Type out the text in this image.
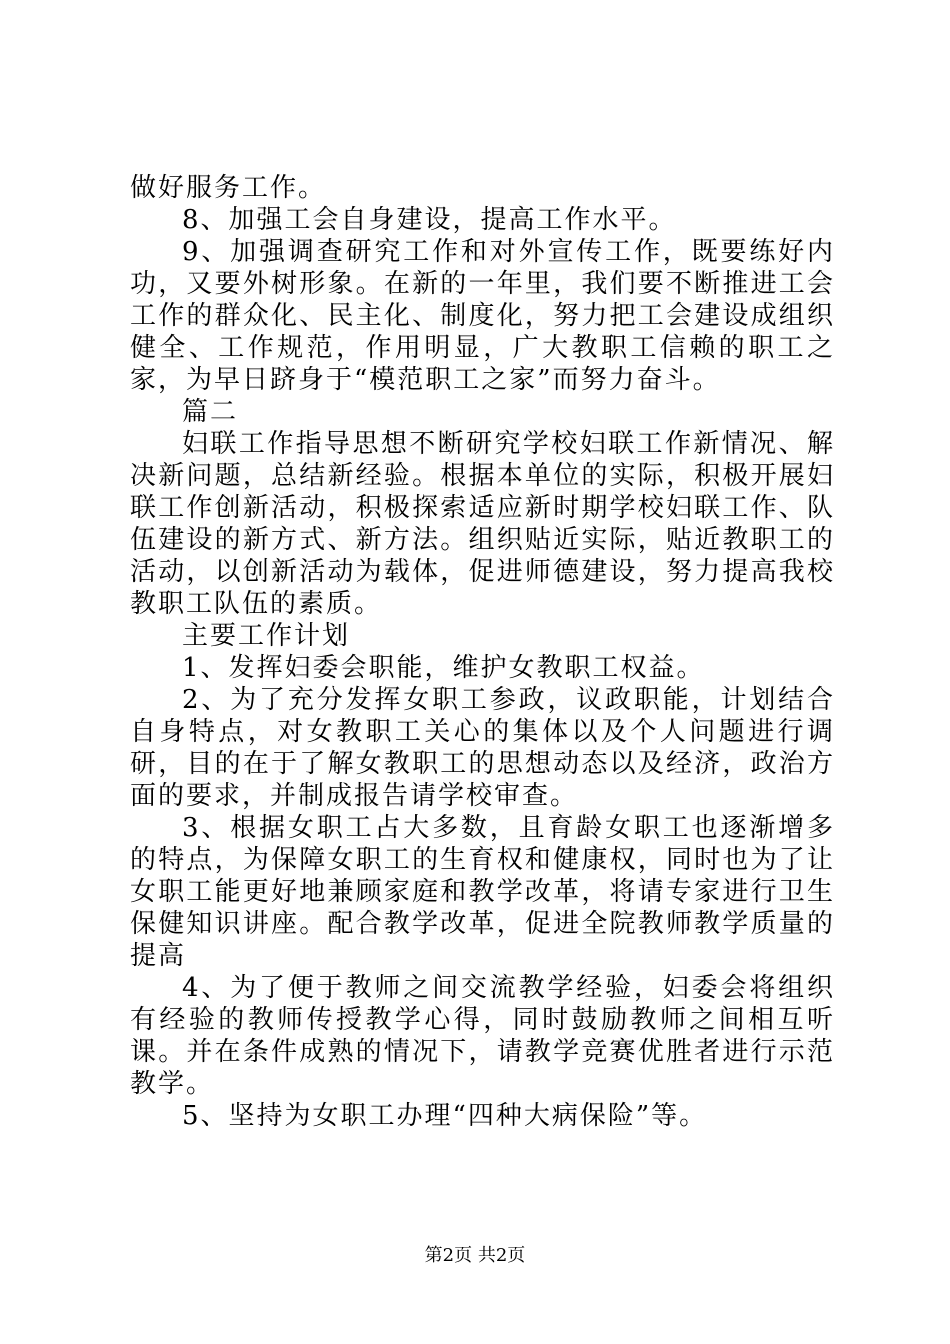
做好服务工作。

8、加强工会自身建设，提高工作水平。

9、加强调查研究工作和对外宣传工作，既要练好内功，又要外树形象。在新的一年里，我们要不断推进工会工作的群众化、民主化、制度化，努力把工会建设成组织健全、工作规范，作用明显，广大教职工信赖的职工之家，为早日跻身于“模范职工之家”而努力奋斗。

篇二

妇联工作指导思想不断研究学校妇联工作新情况、解决新问题，总结新经验。根据本单位的实际，积极开展妇联工作创新活动，积极探索适应新时期学校妇联工作、队伍建设的新方式、新方法。组织贴近实际，贴近教职工的活动，以创新活动为载体，促进师德建设，努力提高我校教职工队伍的素质。

主要工作计划

1、发挥妇委会职能，维护女教职工权益。

2、为了充分发挥女职工参政，议政职能，计划结合自身特点，对女教职工关心的集体以及个人问题进行调研，目的在于了解女教职工的思想动态以及经济，政治方面的要求，并制成报告请学校审查。

3、根据女职工占大多数，且育龄女职工也逐渐增多的特点，为保障女职工的生育权和健康权，同时也为了让女职工能更好地兼顾家庭和教学改革，将请专家进行卫生保健知识讲座。配合教学改革，促进全院教师教学质量的提高

4、为了便于教师之间交流教学经验，妇委会将组织有经验的教师传授教学心得，同时鼓励教师之间相互听课。并在条件成熟的情况下，请教学竞赛优胜者进行示范教学。

5、坚持为女职工办理“四种大病保险”等。

第2页 共2页
